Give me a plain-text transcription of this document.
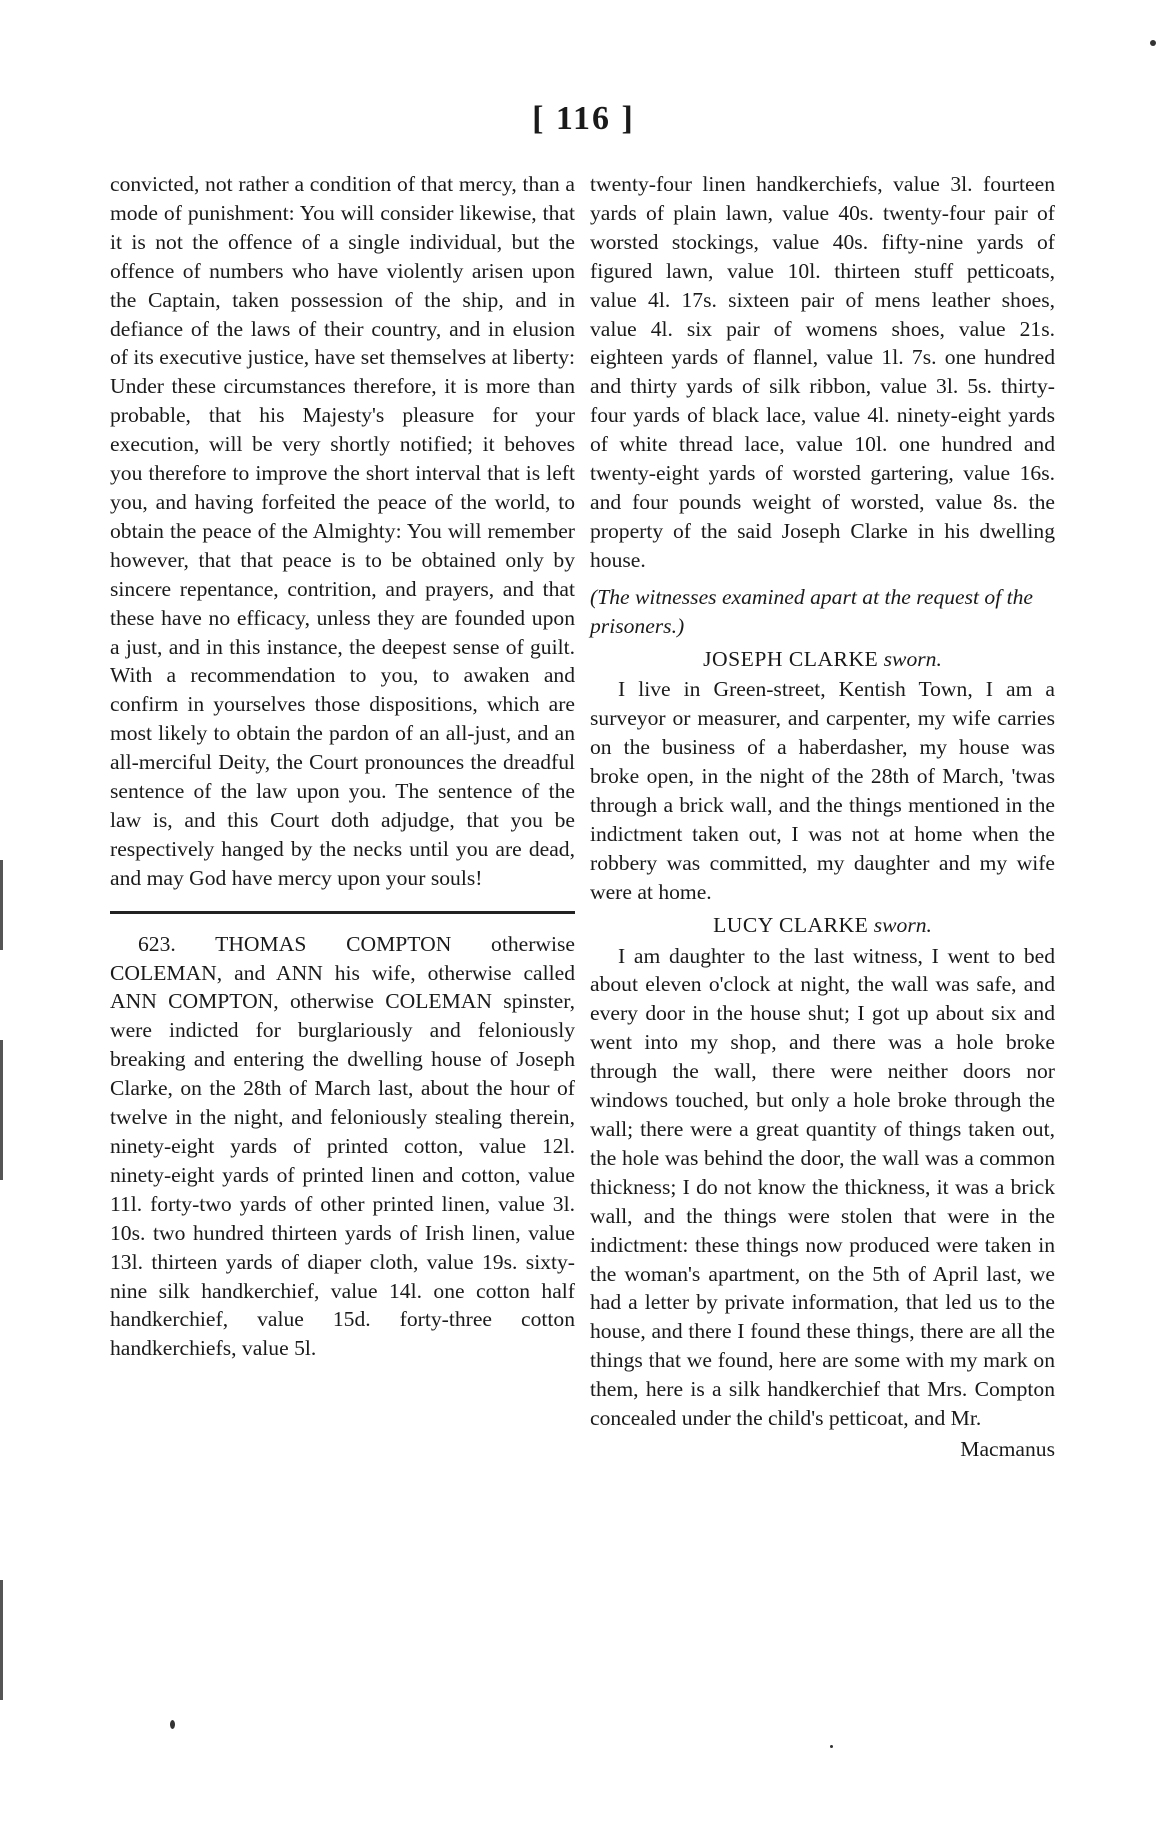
[ 116 ]

convicted, not rather a condition of that mercy, than a mode of punishment: You will consider likewise, that it is not the offence of a single individual, but the offence of numbers who have violently arisen upon the Captain, taken possession of the ship, and in defiance of the laws of their country, and in elusion of its executive justice, have set themselves at liberty: Under these circumstances therefore, it is more than probable, that his Majesty's pleasure for your execution, will be very shortly notified; it behoves you therefore to improve the short interval that is left you, and having forfeited the peace of the world, to obtain the peace of the Almighty: You will remember however, that that peace is to be obtained only by sincere repentance, contrition, and prayers, and that these have no efficacy, unless they are founded upon a just, and in this instance, the deepest sense of guilt. With a recommendation to you, to awaken and confirm in yourselves those dispositions, which are most likely to obtain the pardon of an all-just, and an all-merciful Deity, the Court pronounces the dreadful sentence of the law upon you. The sentence of the law is, and this Court doth adjudge, that you be respectively hanged by the necks until you are dead, and may God have mercy upon your souls!

623. THOMAS COMPTON otherwise COLEMAN, and ANN his wife, otherwise called ANN COMPTON, otherwise COLEMAN spinster, were indicted for burglariously and feloniously breaking and entering the dwelling house of Joseph Clarke, on the 28th of March last, about the hour of twelve in the night, and feloniously stealing therein, ninety-eight yards of printed cotton, value 12l. ninety-eight yards of printed linen and cotton, value 11l. forty-two yards of other printed linen, value 3l. 10s. two hundred thirteen yards of Irish linen, value 13l. thirteen yards of diaper cloth, value 19s. sixty-nine silk handkerchief, value 14l. one cotton half handkerchief, value 15d. forty-three cotton handkerchiefs, value 5l.

twenty-four linen handkerchiefs, value 3l. fourteen yards of plain lawn, value 40s. twenty-four pair of worsted stockings, value 40s. fifty-nine yards of figured lawn, value 10l. thirteen stuff petticoats, value 4l. 17s. sixteen pair of mens leather shoes, value 4l. six pair of womens shoes, value 21s. eighteen yards of flannel, value 1l. 7s. one hundred and thirty yards of silk ribbon, value 3l. 5s. thirty-four yards of black lace, value 4l. ninety-eight yards of white thread lace, value 10l. one hundred and twenty-eight yards of worsted gartering, value 16s. and four pounds weight of worsted, value 8s. the property of the said Joseph Clarke in his dwelling house.

(The witnesses examined apart at the request of the prisoners.)

JOSEPH CLARKE sworn.

I live in Green-street, Kentish Town, I am a surveyor or measurer, and carpenter, my wife carries on the business of a haberdasher, my house was broke open, in the night of the 28th of March, 'twas through a brick wall, and the things mentioned in the indictment taken out, I was not at home when the robbery was committed, my daughter and my wife were at home.

LUCY CLARKE sworn.

I am daughter to the last witness, I went to bed about eleven o'clock at night, the wall was safe, and every door in the house shut; I got up about six and went into my shop, and there was a hole broke through the wall, there were neither doors nor windows touched, but only a hole broke through the wall; there were a great quantity of things taken out, the hole was behind the door, the wall was a common thickness; I do not know the thickness, it was a brick wall, and the things were stolen that were in the indictment: these things now produced were taken in the woman's apartment, on the 5th of April last, we had a letter by private information, that led us to the house, and there I found these things, there are all the things that we found, here are some with my mark on them, here is a silk handkerchief that Mrs. Compton concealed under the child's petticoat, and Mr.

Macmanus
